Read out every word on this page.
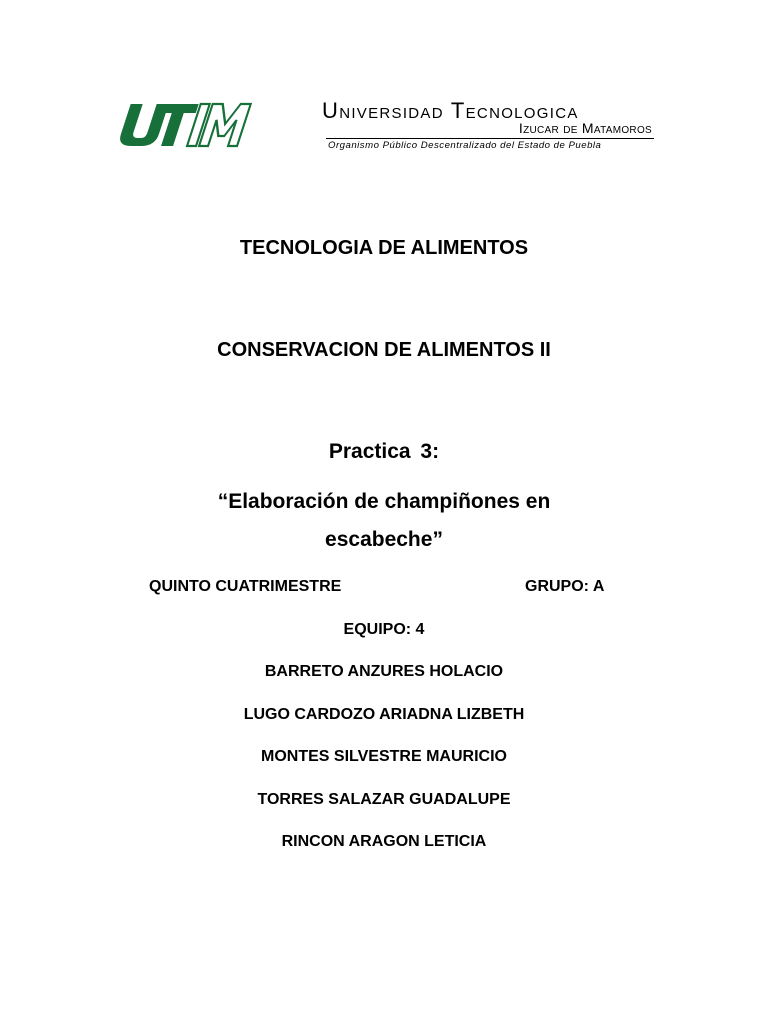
Universidad Tecnologica
Izucar de Matamoros
Organismo Público Descentralizado del Estado de Puebla
TECNOLOGIA DE ALIMENTOS
CONSERVACION DE ALIMENTOS II
Practica 3:
“Elaboración de champiñones en
escabeche”
QUINTO CUATRIMESTRE	GRUPO: A
EQUIPO: 4
BARRETO ANZURES HOLACIO
LUGO CARDOZO ARIADNA LIZBETH
MONTES SILVESTRE MAURICIO
TORRES SALAZAR GUADALUPE
RINCON ARAGON LETICIA
